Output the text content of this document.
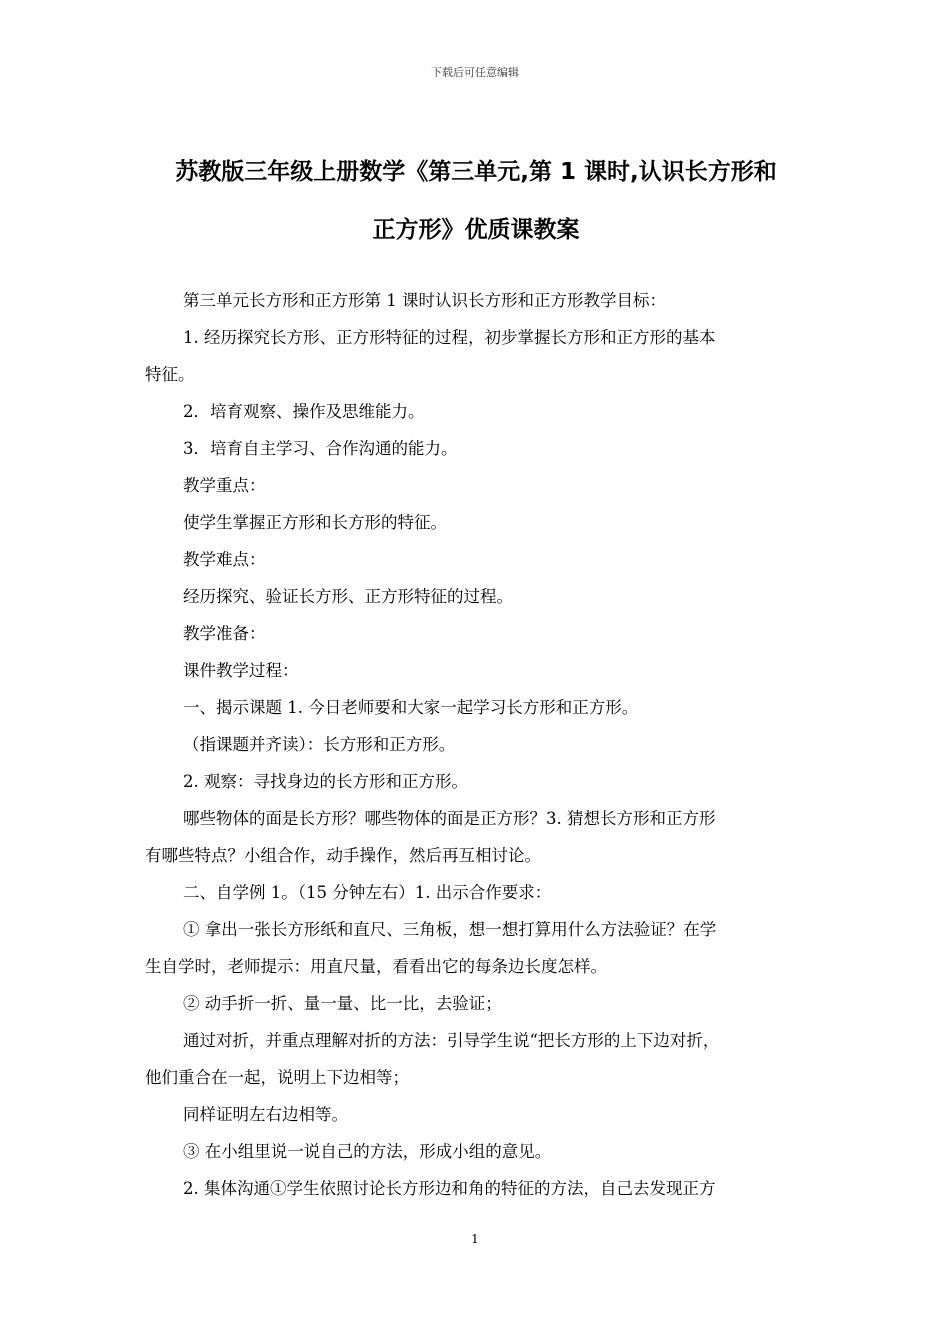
下载后可任意编辑
苏教版三年级上册数学《第三单元,第 1 课时,认识长方形和
正方形》优质课教案
第三单元长方形和正方形第 1 课时认识长方形和正方形教学目标：
1. 经历探究长方形、正方形特征的过程，初步掌握长方形和正方形的基本
特征。
2．培育观察、操作及思维能力。
3．培育自主学习、合作沟通的能力。
教学重点：
使学生掌握正方形和长方形的特征。
教学难点：
经历探究、验证长方形、正方形特征的过程。
教学准备：
课件教学过程：
一、揭示课题 1. 今日老师要和大家一起学习长方形和正方形。
（指课题并齐读）：长方形和正方形。
2. 观察：寻找身边的长方形和正方形。
哪些物体的面是长方形？哪些物体的面是正方形？3. 猜想长方形和正方形
有哪些特点？小组合作，动手操作，然后再互相讨论。
二、自学例 1。（15 分钟左右）1. 出示合作要求：
① 拿出一张长方形纸和直尺、三角板，想一想打算用什么方法验证？在学
生自学时，老师提示：用直尺量，看看出它的每条边长度怎样。
② 动手折一折、量一量、比一比，去验证；
通过对折，并重点理解对折的方法：引导学生说“把长方形的上下边对折，
他们重合在一起，说明上下边相等；
同样证明左右边相等。
③ 在小组里说一说自己的方法，形成小组的意见。
2. 集体沟通①学生依照讨论长方形边和角的特征的方法，自己去发现正方
1
